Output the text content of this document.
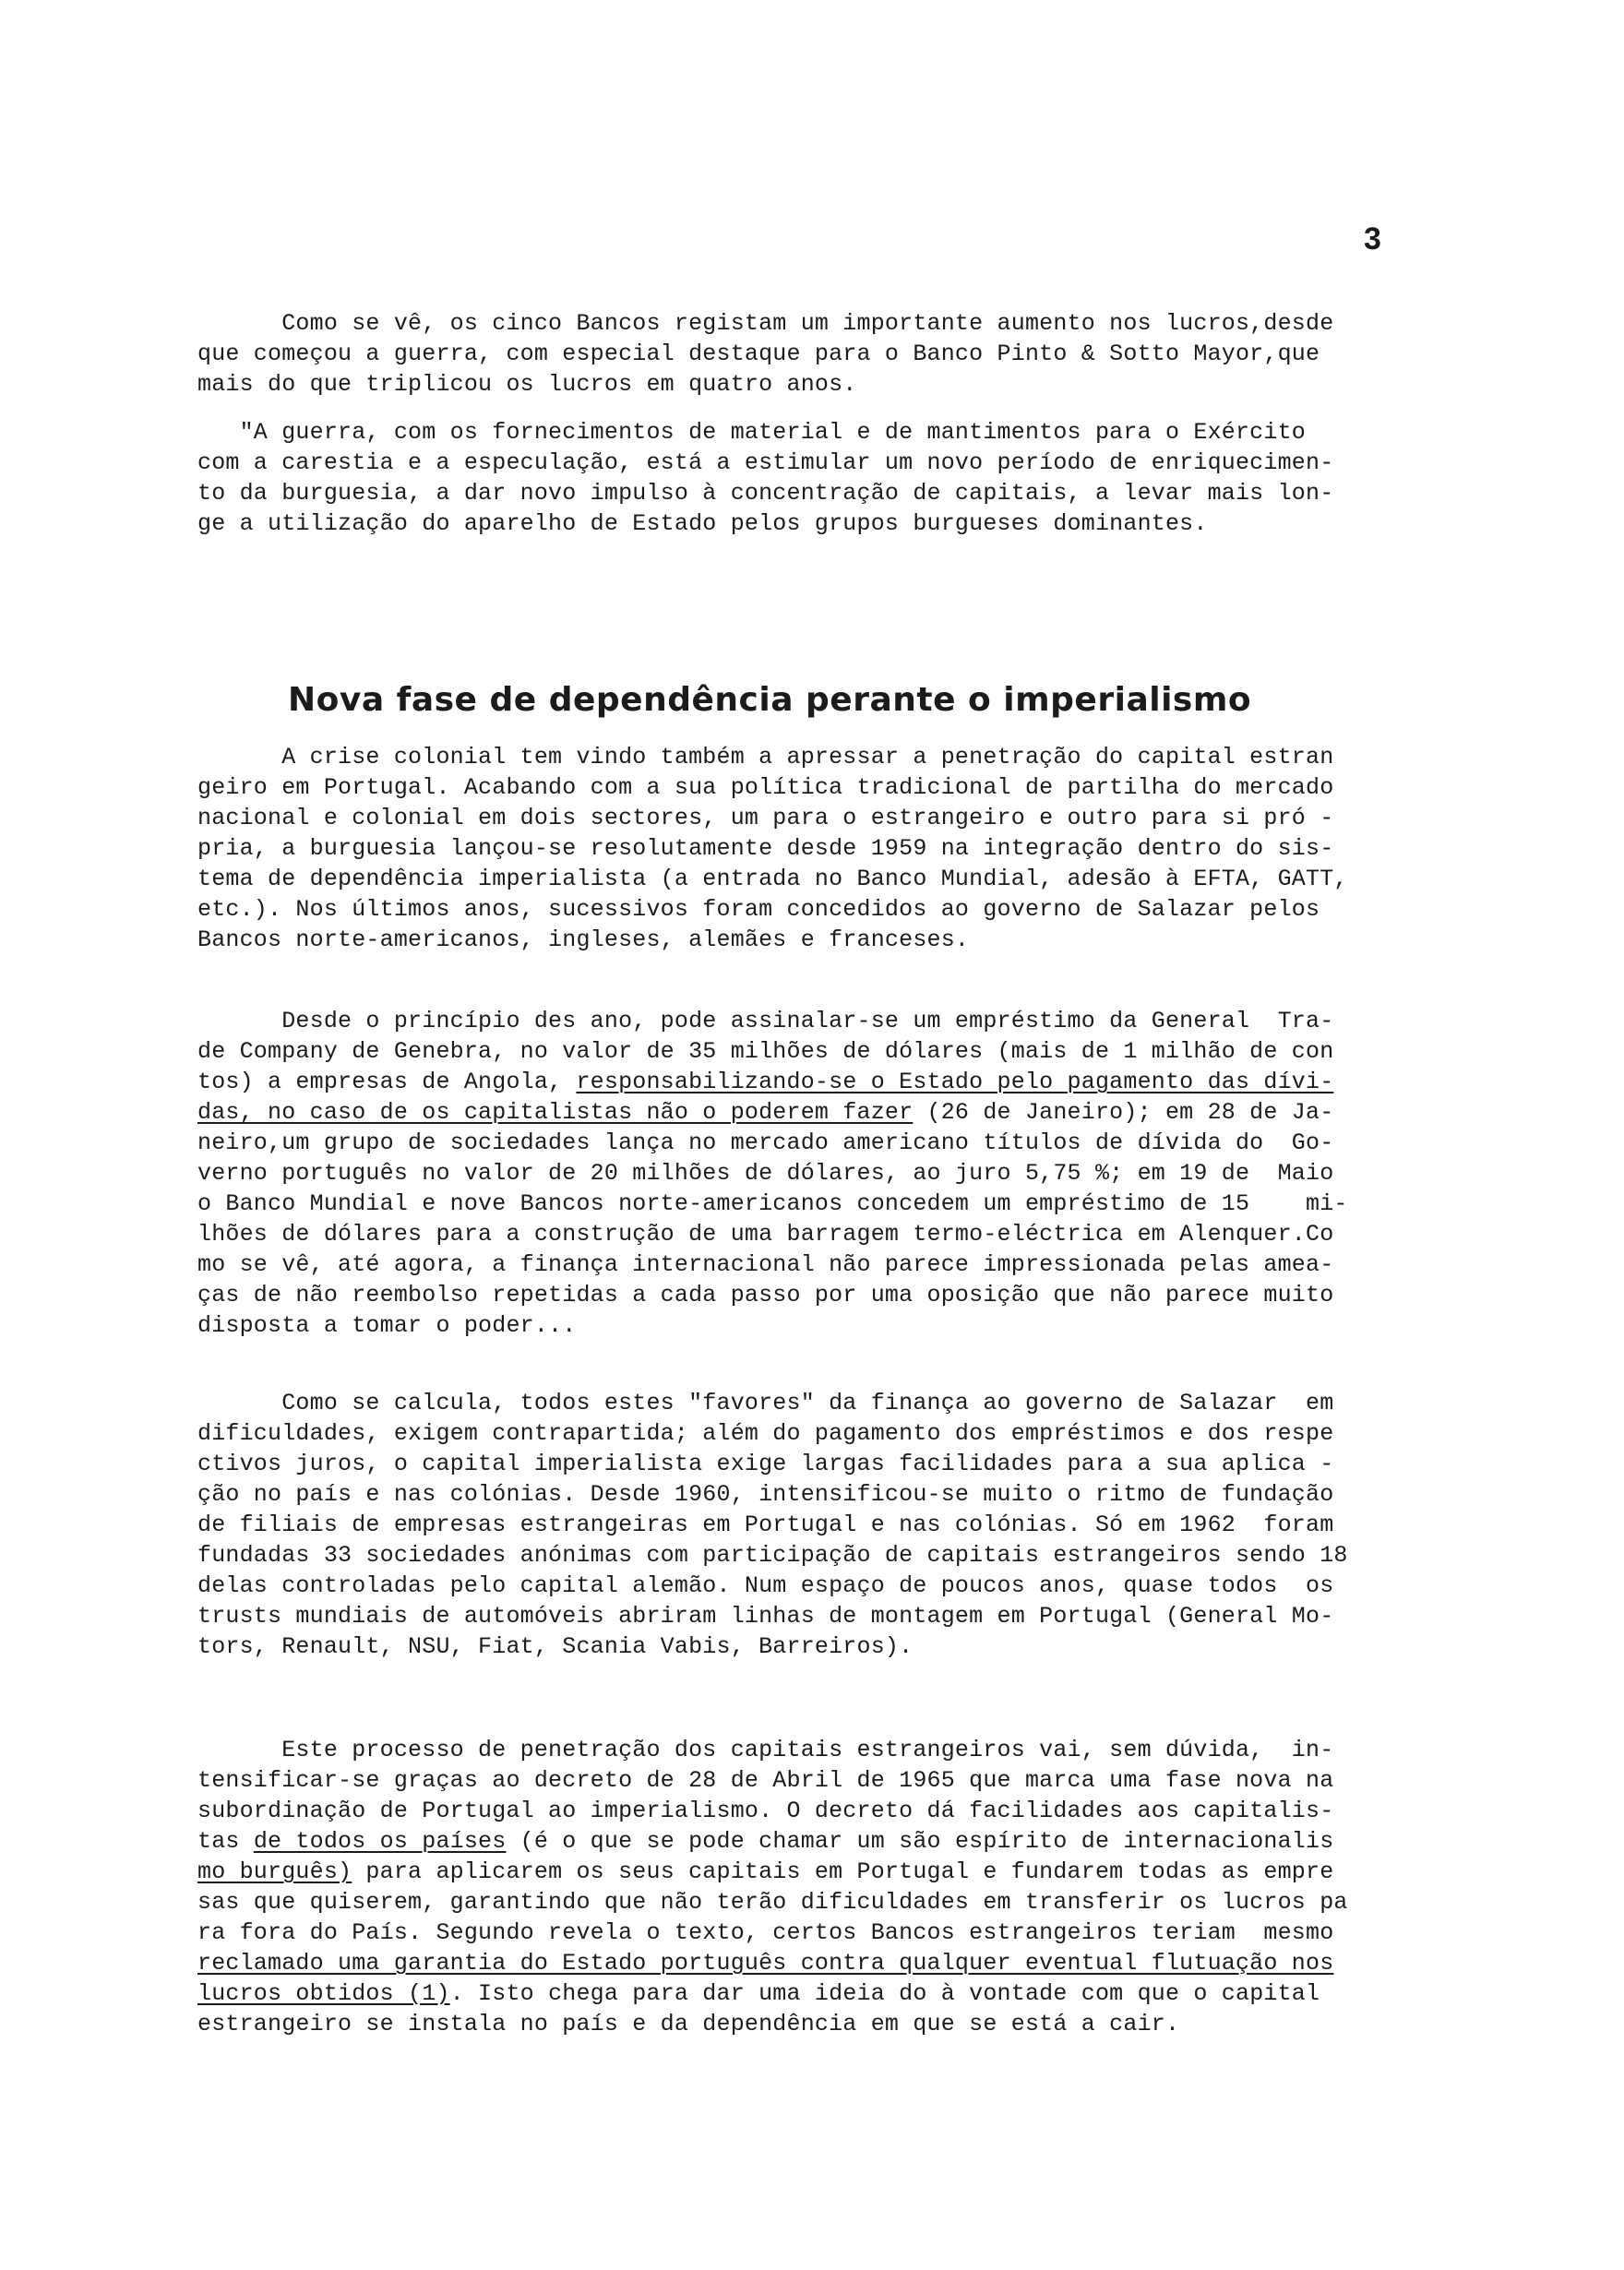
3
Como se vê, os cinco Bancos registam um importante aumento nos lucros,desde
que começou a guerra, com especial destaque para o Banco Pinto & Sotto Mayor,que
mais do que triplicou os lucros em quatro anos.
"A guerra, com os fornecimentos de material e de mantimentos para o Exército
com a carestia e a especulação, está a estimular um novo período de enriquecimen-
to da burguesia, a dar novo impulso à concentração de capitais, a levar mais lon-
ge a utilização do aparelho de Estado pelos grupos burgueses dominantes.
Nova fase de dependência perante o imperialismo
A crise colonial tem vindo também a apressar a penetração do capital estran
geiro em Portugal. Acabando com a sua política tradicional de partilha do mercado
nacional e colonial em dois sectores, um para o estrangeiro e outro para si pró -
pria, a burguesia lançou-se resolutamente desde 1959 na integração dentro do sis-
tema de dependência imperialista (a entrada no Banco Mundial, adesão à EFTA, GATT,
etc.). Nos últimos anos, sucessivos foram concedidos ao governo de Salazar pelos
Bancos norte-americanos, ingleses, alemães e franceses.
Desde o princípio des ano, pode assinalar-se um empréstimo da General  Tra-
de Company de Genebra, no valor de 35 milhões de dólares (mais de 1 milhão de con
tos) a empresas de Angola, responsabilizando-se o Estado pelo pagamento das dívi-
das, no caso de os capitalistas não o poderem fazer (26 de Janeiro); em 28 de Ja-
neiro,um grupo de sociedades lança no mercado americano títulos de dívida do  Go-
verno português no valor de 20 milhões de dólares, ao juro 5,75 %; em 19 de  Maio
o Banco Mundial e nove Bancos norte-americanos concedem um empréstimo de 15    mi-
lhões de dólares para a construção de uma barragem termo-eléctrica em Alenquer.Co
mo se vê, até agora, a finança internacional não parece impressionada pelas amea-
ças de não reembolso repetidas a cada passo por uma oposição que não parece muito
disposta a tomar o poder...
Como se calcula, todos estes "favores" da finança ao governo de Salazar  em
dificuldades, exigem contrapartida; além do pagamento dos empréstimos e dos respe
ctivos juros, o capital imperialista exige largas facilidades para a sua aplica -
ção no país e nas colónias. Desde 1960, intensificou-se muito o ritmo de fundação
de filiais de empresas estrangeiras em Portugal e nas colónias. Só em 1962  foram
fundadas 33 sociedades anónimas com participação de capitais estrangeiros sendo 18
delas controladas pelo capital alemão. Num espaço de poucos anos, quase todos  os
trusts mundiais de automóveis abriram linhas de montagem em Portugal (General Mo-
tors, Renault, NSU, Fiat, Scania Vabis, Barreiros).
Este processo de penetração dos capitais estrangeiros vai, sem dúvida,  in-
tensificar-se graças ao decreto de 28 de Abril de 1965 que marca uma fase nova na
subordinação de Portugal ao imperialismo. O decreto dá facilidades aos capitalis-
tas de todos os países (é o que se pode chamar um são espírito de internacionalis
mo burguês) para aplicarem os seus capitais em Portugal e fundarem todas as empre
sas que quiserem, garantindo que não terão dificuldades em transferir os lucros pa
ra fora do País. Segundo revela o texto, certos Bancos estrangeiros teriam  mesmo
reclamado uma garantia do Estado português contra qualquer eventual flutuação nos
lucros obtidos (1). Isto chega para dar uma ideia do à vontade com que o capital
estrangeiro se instala no país e da dependência em que se está a cair.
